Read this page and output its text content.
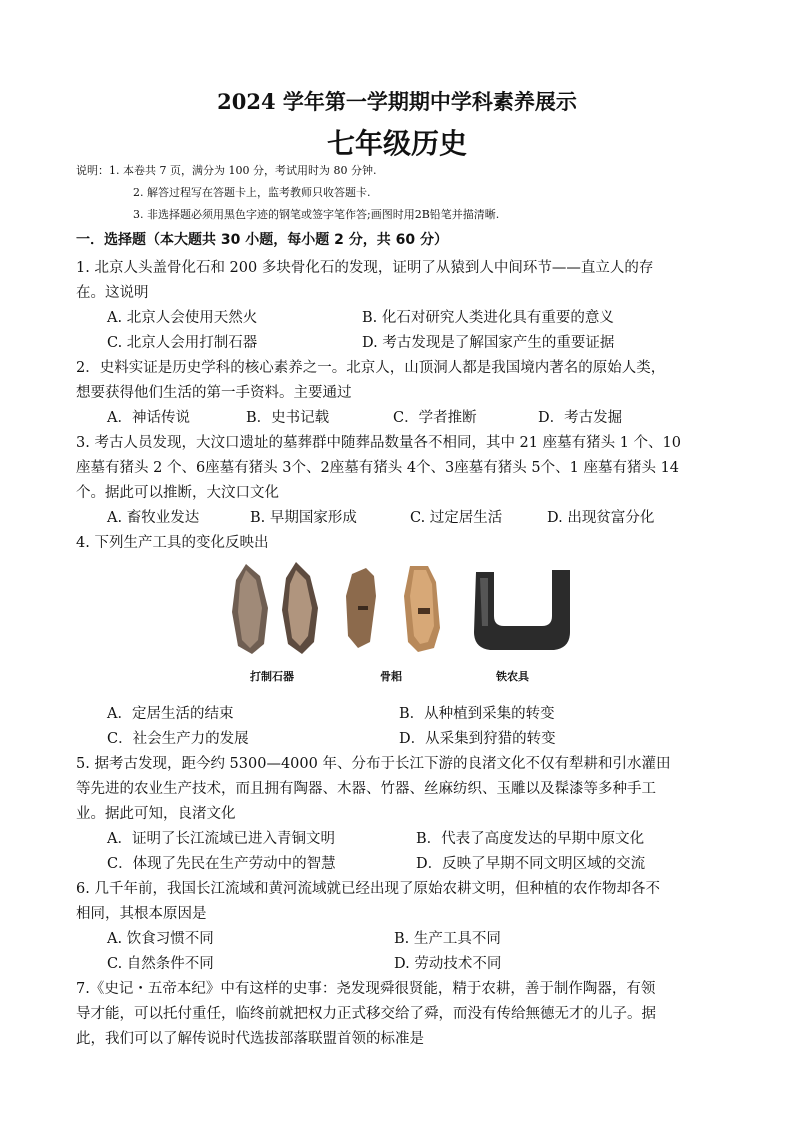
2024 学年第一学期期中学科素养展示
七年级历史
说明：1. 本卷共 7 页，满分为 100 分，考试用时为 80 分钟.
2. 解答过程写在答题卡上，监考教师只收答题卡.
3. 非选择题必须用黑色字迹的钢笔或签字笔作答;画图时用2B铅笔并描清晰.
一．选择题（本大题共 30 小题，每小题 2 分，共 60 分）
1. 北京人头盖骨化石和 200 多块骨化石的发现，证明了从猿到人中间环节——直立人的存
在。这说明
A. 北京人会使用天然火	B. 化石对研究人类进化具有重要的意义
C. 北京人会用打制石器	D. 考古发现是了解国家产生的重要证据
2．史料实证是历史学科的核心素养之一。北京人，山顶洞人都是我国境内著名的原始人类，
想要获得他们生活的第一手资料。主要通过
A．神话传说	B．史书记载	C．学者推断	D．考古发掘
3. 考古人员发现，大汶口遗址的墓葬群中随葬品数量各不相同，其中 21 座墓有猪头 1 个、10
座墓有猪头 2 个、6座墓有猪头 3个、2座墓有猪头 4个、3座墓有猪头 5个、1 座墓有猪头 14
个。据此可以推断，大汶口文化
A. 畜牧业发达	B. 早期国家形成	C. 过定居生活	D. 出现贫富分化
4. 下列生产工具的变化反映出
打制石器	骨耜	铁农具
A．定居生活的结束	B．从种植到采集的转变
C．社会生产力的发展	D．从采集到狩猎的转变
5. 据考古发现，距今约 5300—4000 年、分布于长江下游的良渚文化不仅有犁耕和引水灌田
等先进的农业生产技术，而且拥有陶器、木器、竹器、丝麻纺织、玉雕以及髹漆等多种手工
业。据此可知，良渚文化
A．证明了长江流域已进入青铜文明	B．代表了高度发达的早期中原文化
C．体现了先民在生产劳动中的智慧	D．反映了早期不同文明区域的交流
6. 几千年前，我国长江流域和黄河流域就已经出现了原始农耕文明，但种植的农作物却各不
相同，其根本原因是
A. 饮食习惯不同	B. 生产工具不同
C. 自然条件不同	D. 劳动技术不同
7.《史记・五帝本纪》中有这样的史事：尧发现舜很贤能，精于农耕，善于制作陶器，有领
导才能，可以托付重任，临终前就把权力正式移交给了舜，而没有传给無德无才的儿子。据
此，我们可以了解传说时代选拔部落联盟首领的标准是
